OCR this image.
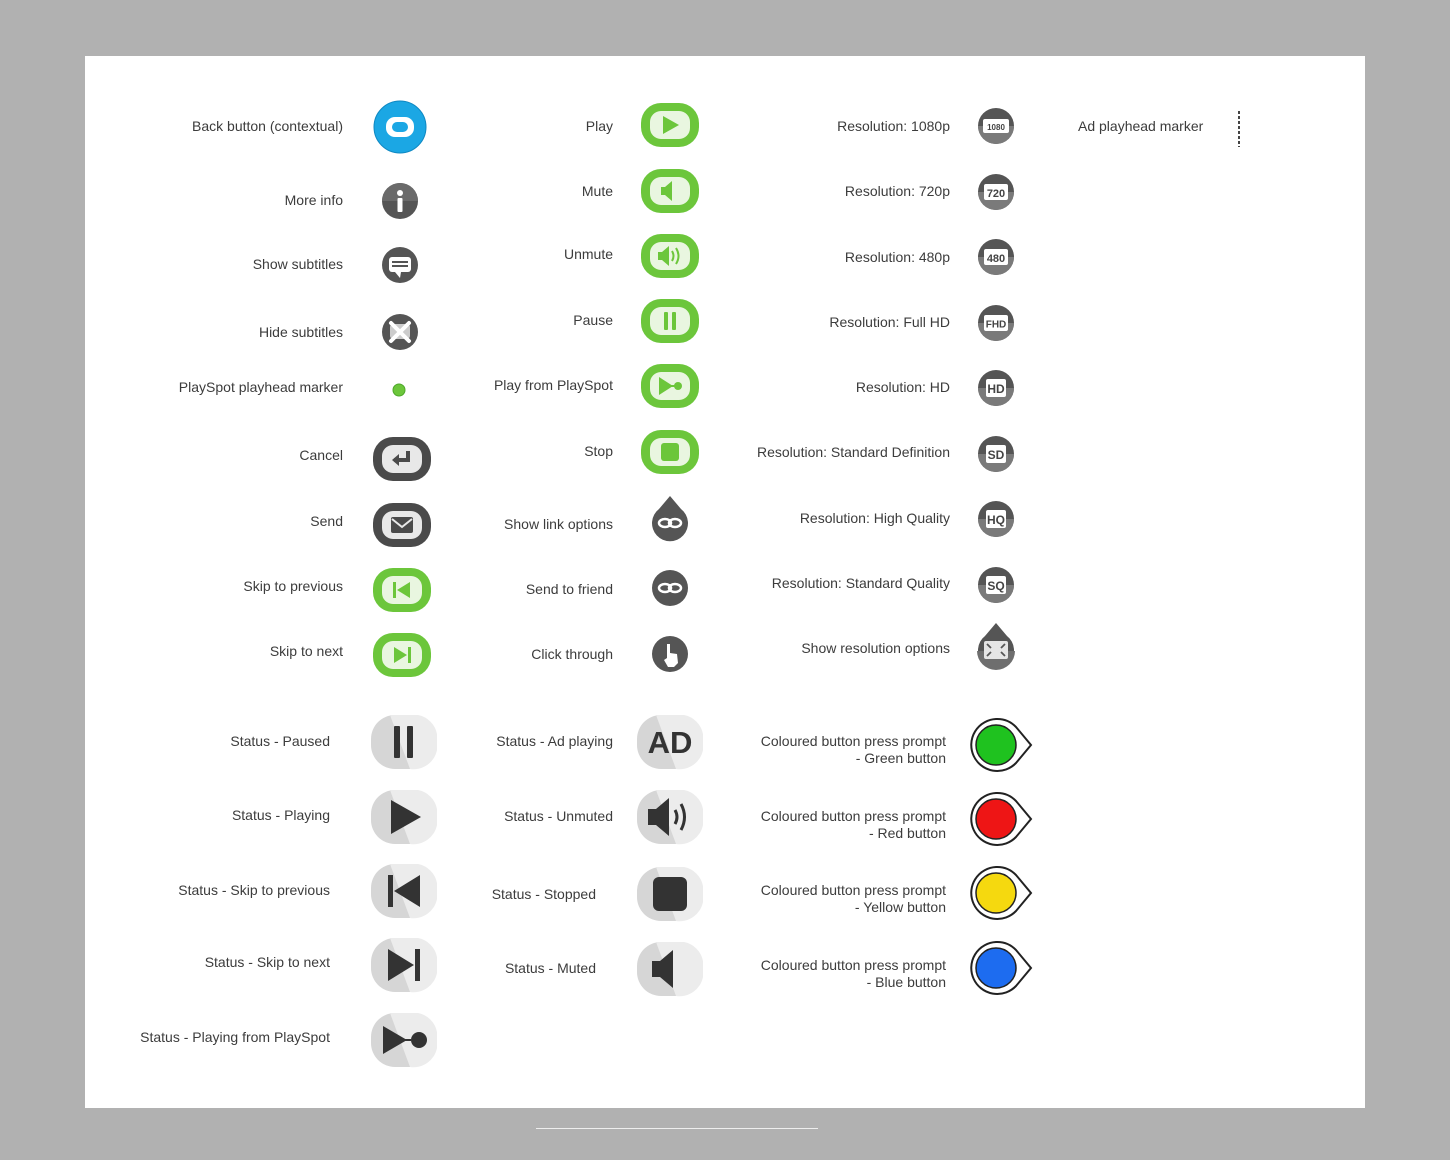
Back button (contextual)
More info
Show subtitles
Hide subtitles
PlaySpot playhead marker
Cancel
Send
Skip to previous
Skip to next
Play
Mute
Unmute
Pause
Play from PlaySpot
Stop
Show link options
Send to friend
Click through
Resolution: 1080p	1080
Resolution: 720p	720
Resolution: 480p	480
Resolution: Full HD	FHD
Resolution: HD	HD
Resolution: Standard Definition	SD
Resolution: High Quality	HQ
Resolution: Standard Quality	SQ
Show resolution options
Ad playhead marker
Status - Paused
Status - Playing
Status - Skip to previous
Status - Skip to next
Status - Playing from PlaySpot
Status - Ad playing AD
Status - Unmuted
Status - Stopped
Status - Muted
Coloured button press prompt
- Green button
Coloured button press prompt
- Red button
Coloured button press prompt
- Yellow button
Coloured button press prompt
- Blue button
